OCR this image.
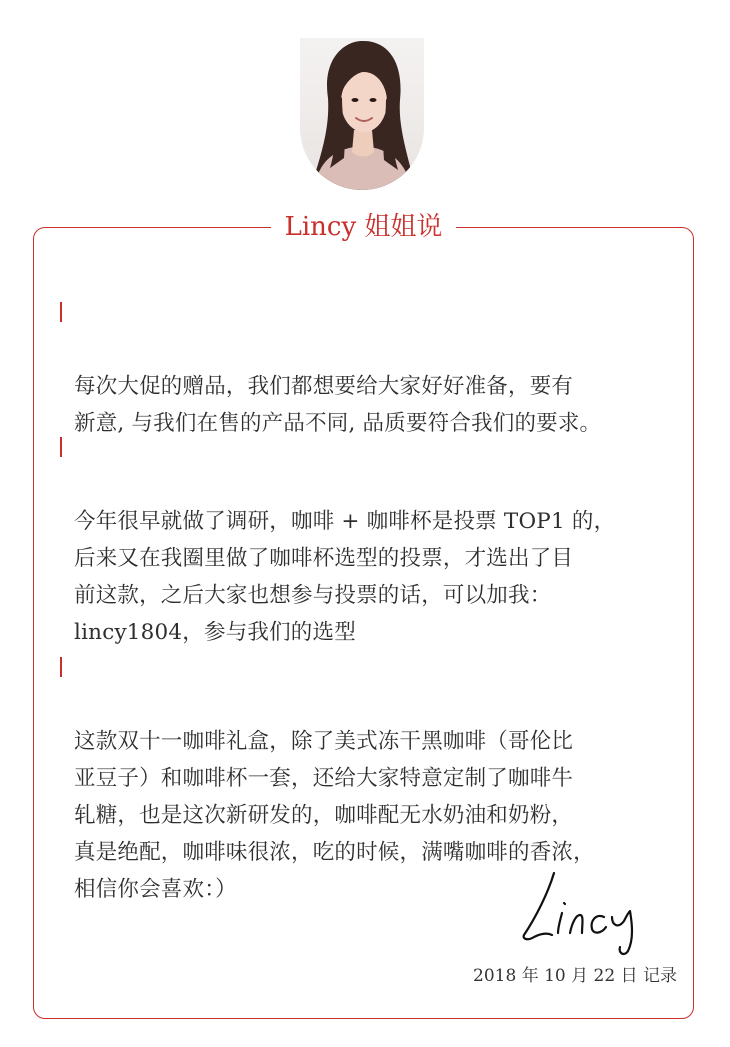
Lincy 姐姐说

每次大促的赠品，我们都想要给大家好好准备，要有
新意, 与我们在售的产品不同, 品质要符合我们的要求。

今年很早就做了调研，咖啡 + 咖啡杯是投票 TOP1 的，
后来又在我圈里做了咖啡杯选型的投票，才选出了目
前这款，之后大家也想参与投票的话，可以加我：
lincy1804，参与我们的选型

这款双十一咖啡礼盒，除了美式冻干黑咖啡（哥伦比
亚豆子）和咖啡杯一套，还给大家特意定制了咖啡牛
轧糖，也是这次新研发的，咖啡配无水奶油和奶粉，
真是绝配，咖啡味很浓，吃的时候，满嘴咖啡的香浓，
相信你会喜欢：）

2018 年 10 月 22 日 记录
